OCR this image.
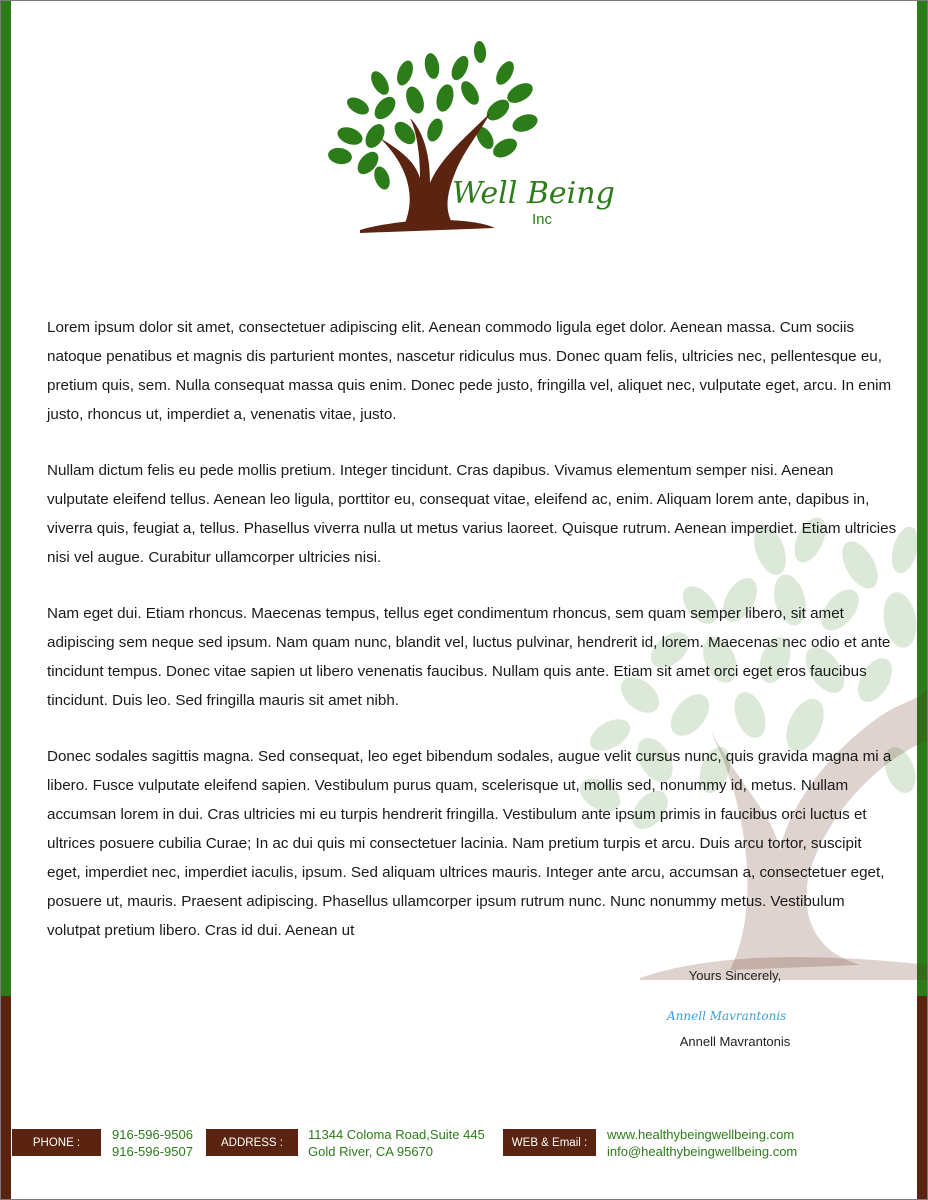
Well Being
Inc

Lorem ipsum dolor sit amet, consectetuer adipiscing elit. Aenean commodo ligula eget dolor. Aenean massa. Cum sociis natoque penatibus et magnis dis parturient montes, nascetur ridiculus mus. Donec quam felis, ultricies nec, pellentesque eu, pretium quis, sem. Nulla consequat massa quis enim. Donec pede justo, fringilla vel, aliquet nec, vulputate eget, arcu. In enim justo, rhoncus ut, imperdiet a, venenatis vitae, justo.

Nullam dictum felis eu pede mollis pretium. Integer tincidunt. Cras dapibus. Vivamus elementum semper nisi. Aenean vulputate eleifend tellus. Aenean leo ligula, porttitor eu, consequat vitae, eleifend ac, enim. Aliquam lorem ante, dapibus in, viverra quis, feugiat a, tellus. Phasellus viverra nulla ut metus varius laoreet. Quisque rutrum. Aenean imperdiet. Etiam ultricies nisi vel augue. Curabitur ullamcorper ultricies nisi.

Nam eget dui. Etiam rhoncus. Maecenas tempus, tellus eget condimentum rhoncus, sem quam semper libero, sit amet adipiscing sem neque sed ipsum. Nam quam nunc, blandit vel, luctus pulvinar, hendrerit id, lorem. Maecenas nec odio et ante tincidunt tempus. Donec vitae sapien ut libero venenatis faucibus. Nullam quis ante. Etiam sit amet orci eget eros faucibus tincidunt. Duis leo. Sed fringilla mauris sit amet nibh.

Donec sodales sagittis magna. Sed consequat, leo eget bibendum sodales, augue velit cursus nunc, quis gravida magna mi a libero. Fusce vulputate eleifend sapien. Vestibulum purus quam, scelerisque ut, mollis sed, nonummy id, metus. Nullam accumsan lorem in dui. Cras ultricies mi eu turpis hendrerit fringilla. Vestibulum ante ipsum primis in faucibus orci luctus et ultrices posuere cubilia Curae; In ac dui quis mi consectetuer lacinia. Nam pretium turpis et arcu. Duis arcu tortor, suscipit eget, imperdiet nec, imperdiet iaculis, ipsum. Sed aliquam ultrices mauris. Integer ante arcu, accumsan a, consectetuer eget, posuere ut, mauris. Praesent adipiscing. Phasellus ullamcorper ipsum rutrum nunc. Nunc nonummy metus. Vestibulum volutpat pretium libero. Cras id dui. Aenean ut

Yours Sincerely,
Annell Mavrantonis
Annell Mavrantonis
PHONE :
916-596-9506
916-596-9507
ADDRESS :
11344 Coloma Road,Suite 445
Gold River, CA 95670
WEB & Email :
www.healthybeingwellbeing.com
info@healthybeingwellbeing.com
